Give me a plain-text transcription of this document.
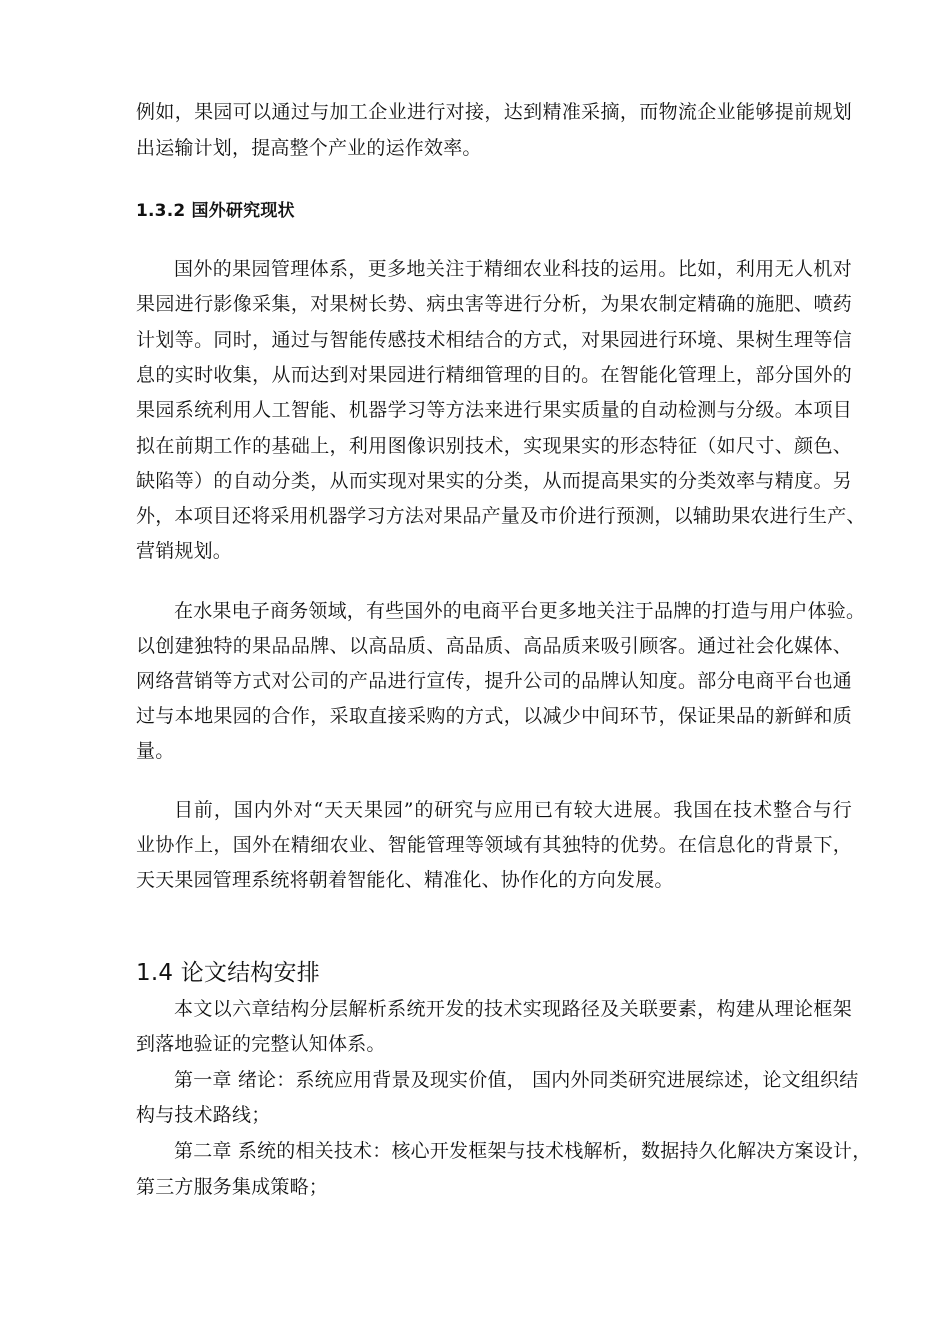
例如，果园可以通过与加工企业进行对接，达到精准采摘，而物流企业能够提前规划
出运输计划，提高整个产业的运作效率。
1.3.2 国外研究现状
国外的果园管理体系，更多地关注于精细农业科技的运用。比如，利用无人机对
果园进行影像采集，对果树长势、病虫害等进行分析，为果农制定精确的施肥、喷药
计划等。同时，通过与智能传感技术相结合的方式，对果园进行环境、果树生理等信
息的实时收集，从而达到对果园进行精细管理的目的。在智能化管理上，部分国外的
果园系统利用人工智能、机器学习等方法来进行果实质量的自动检测与分级。本项目
拟在前期工作的基础上，利用图像识别技术，实现果实的形态特征（如尺寸、颜色、
缺陷等）的自动分类，从而实现对果实的分类，从而提高果实的分类效率与精度。另
外，本项目还将采用机器学习方法对果品产量及市价进行预测，以辅助果农进行生产、
营销规划。
在水果电子商务领域，有些国外的电商平台更多地关注于品牌的打造与用户体验。
以创建独特的果品品牌、以高品质、高品质、高品质来吸引顾客。通过社会化媒体、
网络营销等方式对公司的产品进行宣传，提升公司的品牌认知度。部分电商平台也通
过与本地果园的合作，采取直接采购的方式，以减少中间环节，保证果品的新鲜和质
量。
目前，国内外对“天天果园”的研究与应用已有较大进展。我国在技术整合与行
业协作上，国外在精细农业、智能管理等领域有其独特的优势。在信息化的背景下，
天天果园管理系统将朝着智能化、精准化、协作化的方向发展。
1.4 论文结构安排
本文以六章结构分层解析系统开发的技术实现路径及关联要素，构建从理论框架
到落地验证的完整认知体系。
第一章 绪论：系统应用背景及现实价值， 国内外同类研究进展综述，论文组织结
构与技术路线；
第二章 系统的相关技术：核心开发框架与技术栈解析，数据持久化解决方案设计，
第三方服务集成策略；
